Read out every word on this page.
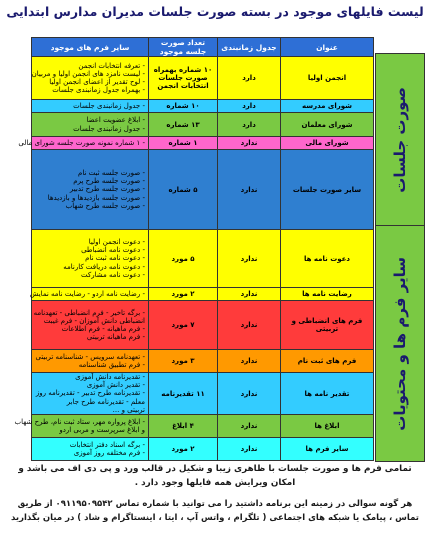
لیست فایلهای موجود در بسته صورت جلسات مدیران مدارس ابتدایی
عنوان	جدول زمانبندی	تعداد صورت جلسه موجود	سایر فرم های موجود
انجمن اولیا	دارد	۱۰ شماره بهمراه صورت جلسات انتخابات انجمن	- تعرفه انتخابات انجمن
- لیست نامزد های انجمن اولیا و مربیان
- لوح تقدیر از اعضای انجمن اولیا
- بهمراه جدول زمانبندی جلسات

شورای مدرسه	دارد	۱۰ شماره	- جدول زمانبندی جلسات

شورای معلمان	دارد	۱۳ شماره	- ابلاغ عضویت اعضا
- جدول زمانبندی جلسات

شورای مالی	ندارد	۱ شماره	- ۱ شماره نمونه صورت جلسه شورای مالی

سایر صورت جلسات	ندارد	۵ شماره	- صورت جلسه ثبت نام
- صورت جلسه طرح پرم
- صورت جلسه طرح تدبیر
- صورت جلسه بازدیدها و بازدیدها
- صورت جلسه طرح شهاب

دعوت نامه ها	ندارد	۵ مورد	- دعوت انجمن اولیا
- دعوت نامه انضباطی
- دعوت نامه ثبت نام
- دعوت نامه دریافت کارنامه
- دعوت نامه مشارکت

رضایت نامه ها	ندارد	۲ مورد	- رضایت نامه اردو - رضایت نامه نمایش

فرم های انضباطی و تربیتی	ندارد	۷ مورد	- برگه تاخیر - فرم انضباطی - تعهدنامه
انضباطی دانش آموزان - فرم غیبت
- فرم ماهیانه - فرم اطلاعات
- فرم ماهیانه تربیتی

فرم های ثبت نام	ندارد	۳ مورد	- تعهدنامه سرویس - شناسنامه تربیتی
- فرم تطبیق شناسنامه

تقدیر نامه ها	ندارد	۱۱ تقدیرنامه	- تقدیرنامه دانش آموزی
- تقدیر دانش آموزی
- تقدیرنامه طرح تدبیر - تقدیرنامه روز
معلم - تقدیرنامه طرح جابر
تربیتی و ...

ابلاغ ها	ندارد	۴ ابلاغ	- ابلاغ پرواره مهر، ستاد ثبت نام، طرح شهاب
و ابلاغ سرپرست و مربی اردو

سایر فرم ها	ندارد	۲ مورد	- برگه اسناد دفتر انتخابات
- فرم مختلفه روز آموزی
صورت جلسات
سایر فرم ها و محتویات
تمامی فرم ها و صورت جلسات با ظاهری زیبا و شکیل در قالب ورد و پی دی اف می باشد و امکان ویرایش همه فایلها وجود دارد .
هر گونه سوالی در زمینه این برنامه داشتید را می توانید با شماره تماس ۰۹۱۱۹۵۰۹۵۴۲ از طریق تماس ، پیامک یا شبکه های اجتماعی ( تلگرام ، واتس آپ ، ایتا ، اینستاگرام و شاد ) در میان بگذارید
